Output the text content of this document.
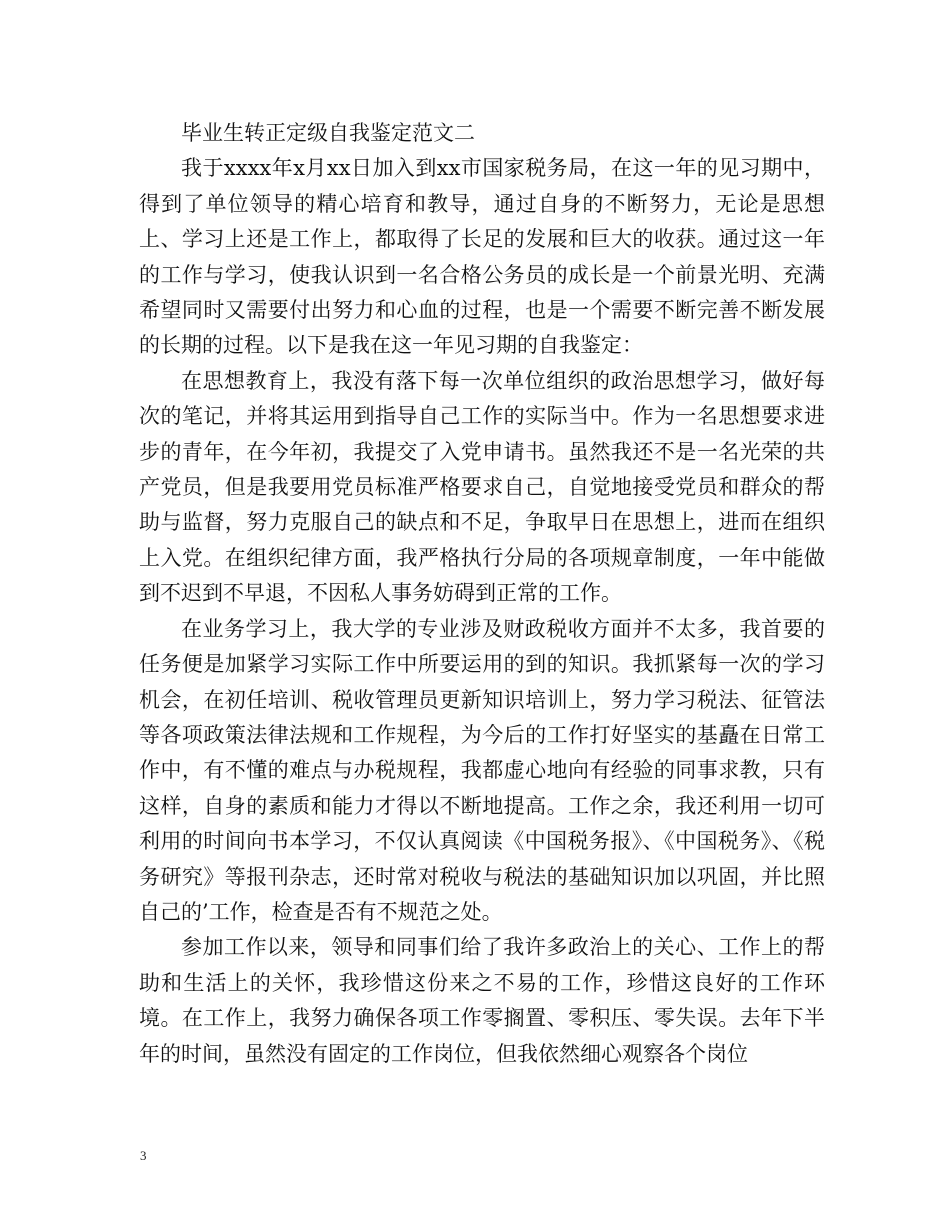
毕业生转正定级自我鉴定范文二

我于xxxx年x月xx日加入到xx市国家税务局，在这一年的见习期中，得到了单位领导的精心培育和教导，通过自身的不断努力，无论是思想上、学习上还是工作上，都取得了长足的发展和巨大的收获。通过这一年的工作与学习，使我认识到一名合格公务员的成长是一个前景光明、充满希望同时又需要付出努力和心血的过程，也是一个需要不断完善不断发展的长期的过程。以下是我在这一年见习期的自我鉴定：

在思想教育上，我没有落下每一次单位组织的政治思想学习，做好每次的笔记，并将其运用到指导自己工作的实际当中。作为一名思想要求进步的青年，在今年初，我提交了入党申请书。虽然我还不是一名光荣的共产党员，但是我要用党员标准严格要求自己，自觉地接受党员和群众的帮助与监督，努力克服自己的缺点和不足，争取早日在思想上，进而在组织上入党。在组织纪律方面，我严格执行分局的各项规章制度，一年中能做到不迟到不早退，不因私人事务妨碍到正常的工作。

在业务学习上，我大学的专业涉及财政税收方面并不太多，我首要的任务便是加紧学习实际工作中所要运用的到的知识。我抓紧每一次的学习机会，在初任培训、税收管理员更新知识培训上，努力学习税法、征管法等各项政策法律法规和工作规程，为今后的工作打好坚实的基矗在日常工作中，有不懂的难点与办税规程，我都虚心地向有经验的同事求教，只有这样，自身的素质和能力才得以不断地提高。工作之余，我还利用一切可利用的时间向书本学习，不仅认真阅读《中国税务报》、《中国税务》、《税务研究》等报刊杂志，还时常对税收与税法的基础知识加以巩固，并比照自己的’工作，检查是否有不规范之处。

参加工作以来，领导和同事们给了我许多政治上的关心、工作上的帮助和生活上的关怀，我珍惜这份来之不易的工作，珍惜这良好的工作环境。在工作上，我努力确保各项工作零搁置、零积压、零失误。去年下半年的时间，虽然没有固定的工作岗位，但我依然细心观察各个岗位

3
